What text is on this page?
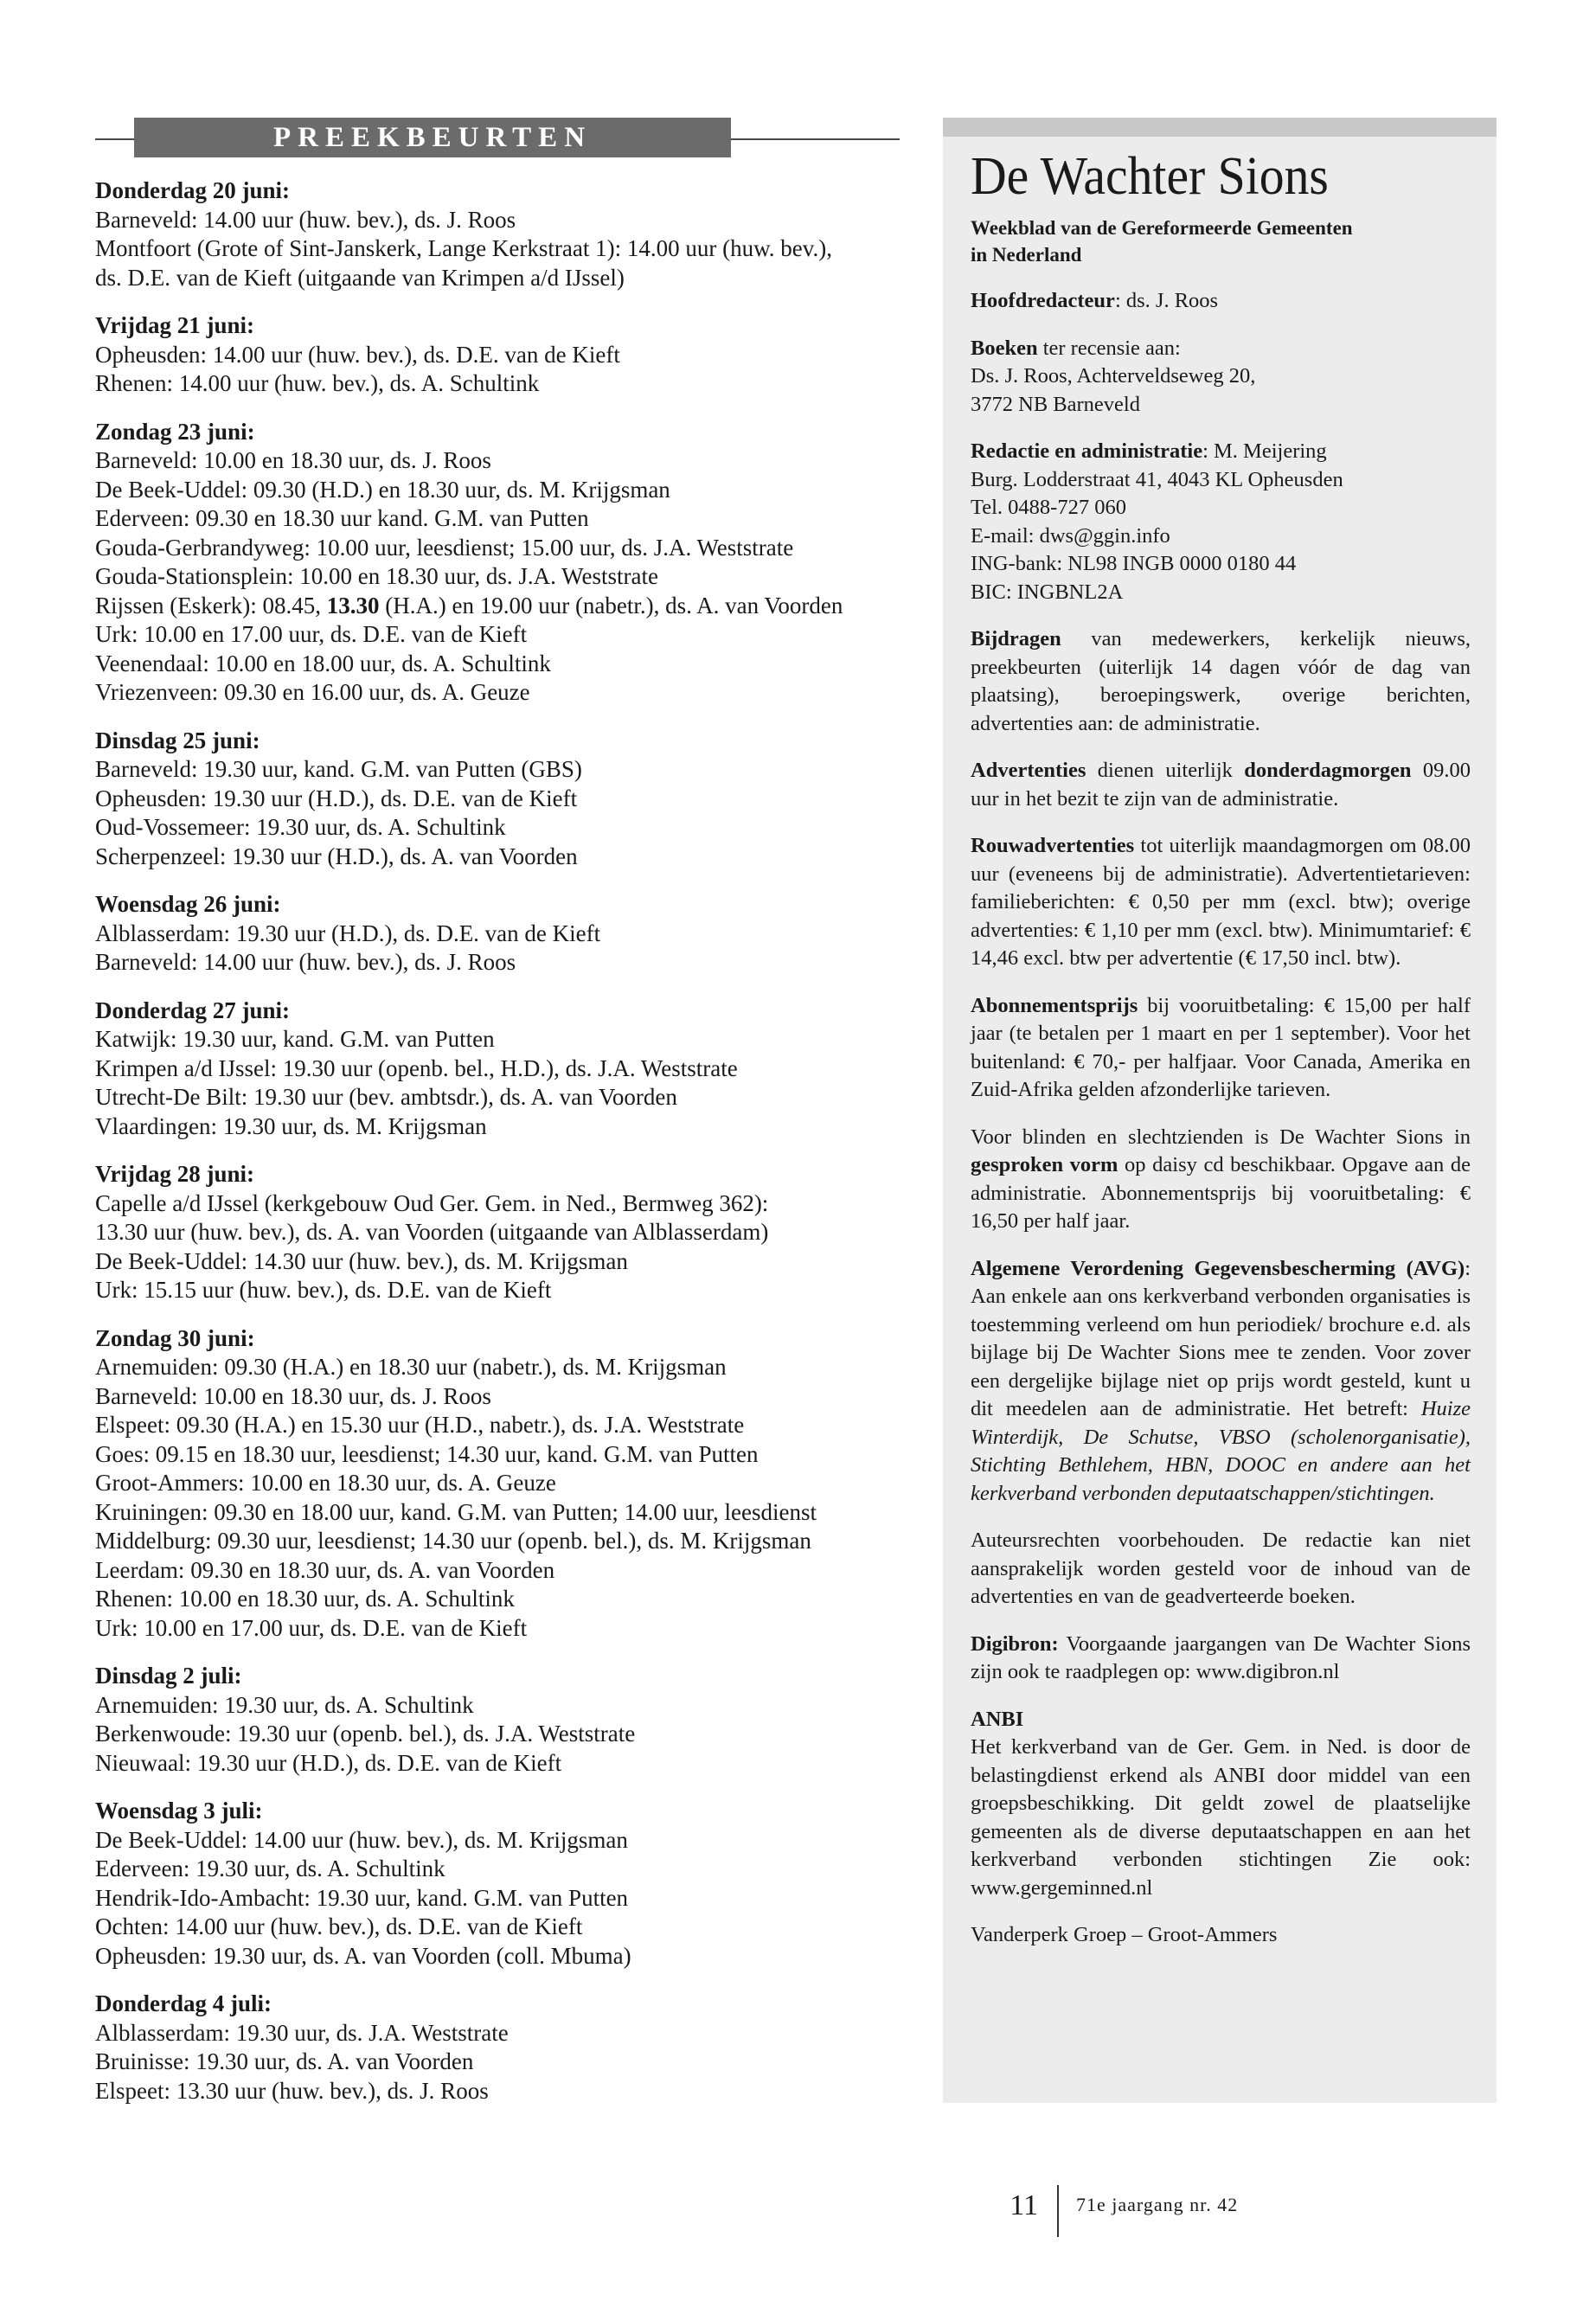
PREEKBEURTEN
Donderdag 20 juni:
Barneveld: 14.00 uur (huw. bev.), ds. J. Roos
Montfoort (Grote of Sint-Janskerk, Lange Kerkstraat 1): 14.00 uur (huw. bev.),
ds. D.E. van de Kieft (uitgaande van Krimpen a/d IJssel)
Vrijdag 21 juni:
Opheusden: 14.00 uur (huw. bev.), ds. D.E. van de Kieft
Rhenen: 14.00 uur (huw. bev.), ds. A. Schultink
Zondag 23 juni:
Barneveld: 10.00 en 18.30 uur, ds. J. Roos
De Beek-Uddel: 09.30 (H.D.) en 18.30 uur, ds. M. Krijgsman
Ederveen: 09.30 en 18.30 uur kand. G.M. van Putten
Gouda-Gerbrandyweg: 10.00 uur, leesdienst; 15.00 uur, ds. J.A. Weststrate
Gouda-Stationsplein: 10.00 en 18.30 uur, ds. J.A. Weststrate
Rijssen (Eskerk): 08.45, 13.30 (H.A.) en 19.00 uur (nabetr.), ds. A. van Voorden
Urk: 10.00 en 17.00 uur, ds. D.E. van de Kieft
Veenendaal: 10.00 en 18.00 uur, ds. A. Schultink
Vriezenveen: 09.30 en 16.00 uur, ds. A. Geuze
Dinsdag 25 juni:
Barneveld: 19.30 uur, kand. G.M. van Putten (GBS)
Opheusden: 19.30 uur (H.D.), ds. D.E. van de Kieft
Oud-Vossemeer: 19.30 uur, ds. A. Schultink
Scherpenzeel: 19.30 uur (H.D.), ds. A. van Voorden
Woensdag 26 juni:
Alblasserdam: 19.30 uur (H.D.), ds. D.E. van de Kieft
Barneveld: 14.00 uur (huw. bev.), ds. J. Roos
Donderdag 27 juni:
Katwijk: 19.30 uur, kand. G.M. van Putten
Krimpen a/d IJssel: 19.30 uur (openb. bel., H.D.), ds. J.A. Weststrate
Utrecht-De Bilt: 19.30 uur (bev. ambtsdr.), ds. A. van Voorden
Vlaardingen: 19.30 uur, ds. M. Krijgsman
Vrijdag 28 juni:
Capelle a/d IJssel (kerkgebouw Oud Ger. Gem. in Ned., Bermweg 362):
13.30 uur (huw. bev.), ds. A. van Voorden (uitgaande van Alblasserdam)
De Beek-Uddel: 14.30 uur (huw. bev.), ds. M. Krijgsman
Urk: 15.15 uur (huw. bev.), ds. D.E. van de Kieft
Zondag 30 juni:
Arnemuiden: 09.30 (H.A.) en 18.30 uur (nabetr.), ds. M. Krijgsman
Barneveld: 10.00 en 18.30 uur, ds. J. Roos
Elspeet: 09.30 (H.A.) en 15.30 uur (H.D., nabetr.), ds. J.A. Weststrate
Goes: 09.15 en 18.30 uur, leesdienst; 14.30 uur, kand. G.M. van Putten
Groot-Ammers: 10.00 en 18.30 uur, ds. A. Geuze
Kruiningen: 09.30 en 18.00 uur, kand. G.M. van Putten; 14.00 uur, leesdienst
Middelburg: 09.30 uur, leesdienst; 14.30 uur (openb. bel.), ds. M. Krijgsman
Leerdam: 09.30 en 18.30 uur, ds. A. van Voorden
Rhenen: 10.00 en 18.30 uur, ds. A. Schultink
Urk: 10.00 en 17.00 uur, ds. D.E. van de Kieft
Dinsdag 2 juli:
Arnemuiden: 19.30 uur, ds. A. Schultink
Berkenwoude: 19.30 uur (openb. bel.), ds. J.A. Weststrate
Nieuwaal: 19.30 uur (H.D.), ds. D.E. van de Kieft
Woensdag 3 juli:
De Beek-Uddel: 14.00 uur (huw. bev.), ds. M. Krijgsman
Ederveen: 19.30 uur, ds. A. Schultink
Hendrik-Ido-Ambacht: 19.30 uur, kand. G.M. van Putten
Ochten: 14.00 uur (huw. bev.), ds. D.E. van de Kieft
Opheusden: 19.30 uur, ds. A. van Voorden (coll. Mbuma)
Donderdag 4 juli:
Alblasserdam: 19.30 uur, ds. J.A. Weststrate
Bruinisse: 19.30 uur, ds. A. van Voorden
Elspeet: 13.30 uur (huw. bev.), ds. J. Roos
De Wachter Sions
Weekblad van de Gereformeerde Gemeenten
in Nederland
Hoofdredacteur: ds. J. Roos
Boeken ter recensie aan:
Ds. J. Roos, Achterveldseweg 20,
3772 NB Barneveld
Redactie en administratie: M. Meijering
Burg. Lodderstraat 41, 4043 KL Opheusden
Tel. 0488-727 060
E-mail: dws@ggin.info
ING-bank: NL98 INGB 0000 0180 44
BIC: INGBNL2A
Bijdragen van medewerkers, kerkelijk nieuws, preekbeurten (uiterlijk 14 dagen vóór de dag van plaatsing), beroepingswerk, overige berichten, advertenties aan: de administratie.
Advertenties dienen uiterlijk donderdagmorgen 09.00 uur in het bezit te zijn van de administratie.
Rouwadvertenties tot uiterlijk maandagmorgen om 08.00 uur (eveneens bij de administratie). Advertentietarieven: familieberichten: € 0,50 per mm (excl. btw); overige advertenties: € 1,10 per mm (excl. btw). Minimumtarief: € 14,46 excl. btw per advertentie (€ 17,50 incl. btw).
Abonnementsprijs bij vooruitbetaling: € 15,00 per half jaar (te betalen per 1 maart en per 1 september). Voor het buitenland: € 70,- per halfjaar. Voor Canada, Amerika en Zuid-Afrika gelden afzonderlijke tarieven.
Voor blinden en slechtzienden is De Wachter Sions in gesproken vorm op daisy cd beschikbaar. Opgave aan de administratie. Abonnementsprijs bij vooruitbetaling: € 16,50 per half jaar.
Algemene Verordening Gegevensbescherming (AVG): Aan enkele aan ons kerkverband verbonden organisaties is toestemming verleend om hun periodiek/ brochure e.d. als bijlage bij De Wachter Sions mee te zenden. Voor zover een dergelijke bijlage niet op prijs wordt gesteld, kunt u dit meedelen aan de administratie. Het betreft: Huize Winterdijk, De Schutse, VBSO (scholenorganisatie), Stichting Bethlehem, HBN, DOOC en andere aan het kerkverband verbonden deputaatschappen/stichtingen.
Auteursrechten voorbehouden. De redactie kan niet aansprakelijk worden gesteld voor de inhoud van de advertenties en van de geadverteerde boeken.
Digibron: Voorgaande jaargangen van De Wachter Sions zijn ook te raadplegen op: www.digibron.nl
ANBI
Het kerkverband van de Ger. Gem. in Ned. is door de belastingdienst erkend als ANBI door middel van een groepsbeschikking. Dit geldt zowel de plaatselijke gemeenten als de diverse deputaatschappen en aan het kerkverband verbonden stichtingen Zie ook: www.gergeminned.nl
Vanderperk Groep – Groot-Ammers
11 71e jaargang nr. 42
